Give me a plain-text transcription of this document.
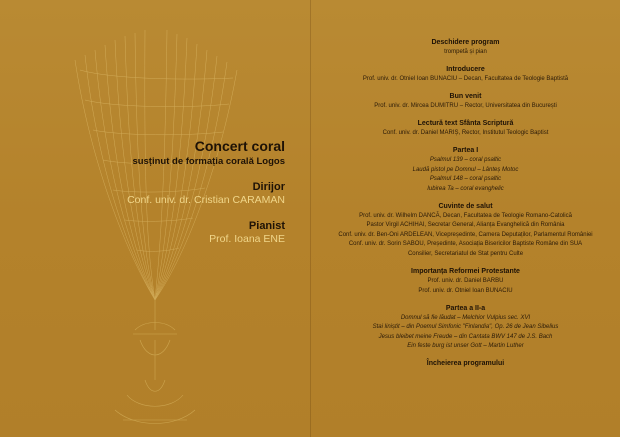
Concert coral
susținut de formația corală Logos
Dirijor
Conf. univ. dr. Cristian CARAMAN
Pianist
Prof. Ioana ENE
Deschidere program
trompetă și pian
Introducere
Prof. univ. dr. Otniel Ioan BUNACIU – Decan, Facultatea de Teologie Baptistă
Bun venit
Prof. univ. dr. Mircea DUMITRU – Rector, Universitatea din București
Lectură text Sfânta Scriptură
Conf. univ. dr. Daniel MARIȘ, Rector, Institutul Teologic Baptist
Partea I
Psalmul 139 – coral psaltic
Laudă pistol pe Domnul – Lânteș Motoc
Psalmul 148 – coral psaltic
Iubirea Ta – coral evanghelic
Cuvinte de salut
Prof. univ. dr. Wilhelm DANCĂ, Decan, Facultatea de Teologie Romano-Catolică
Pastor Virgil ACHIHAI, Secretar General, Alianța Evanghelică din România
Conf. univ. dr. Ben-Oni ARDELEAN, Vicepreședinte, Camera Deputaților, Parlamentul României
Conf. univ. dr. Sorin SABOU, Președinte, Asociația Bisericilor Baptiste Române din SUA
Consilier, Secretariatul de Stat pentru Culte
Importanța Reformei Protestante
Prof. univ. dr. Daniel BARBU
Prof. univ. dr. Otniel Ioan BUNACIU
Partea a II-a
Domnul să fie lăudat – Melchior Vulpius sec. XVI
Stai liniștit – din Poemul Simfonic "Finlandia", Op. 26 de Jean Sibelius
Jesus bleibet meine Freude – din Cantata BWV 147 de J.S. Bach
Ein feste burg ist unser Gott – Martin Luther
Încheierea programului
